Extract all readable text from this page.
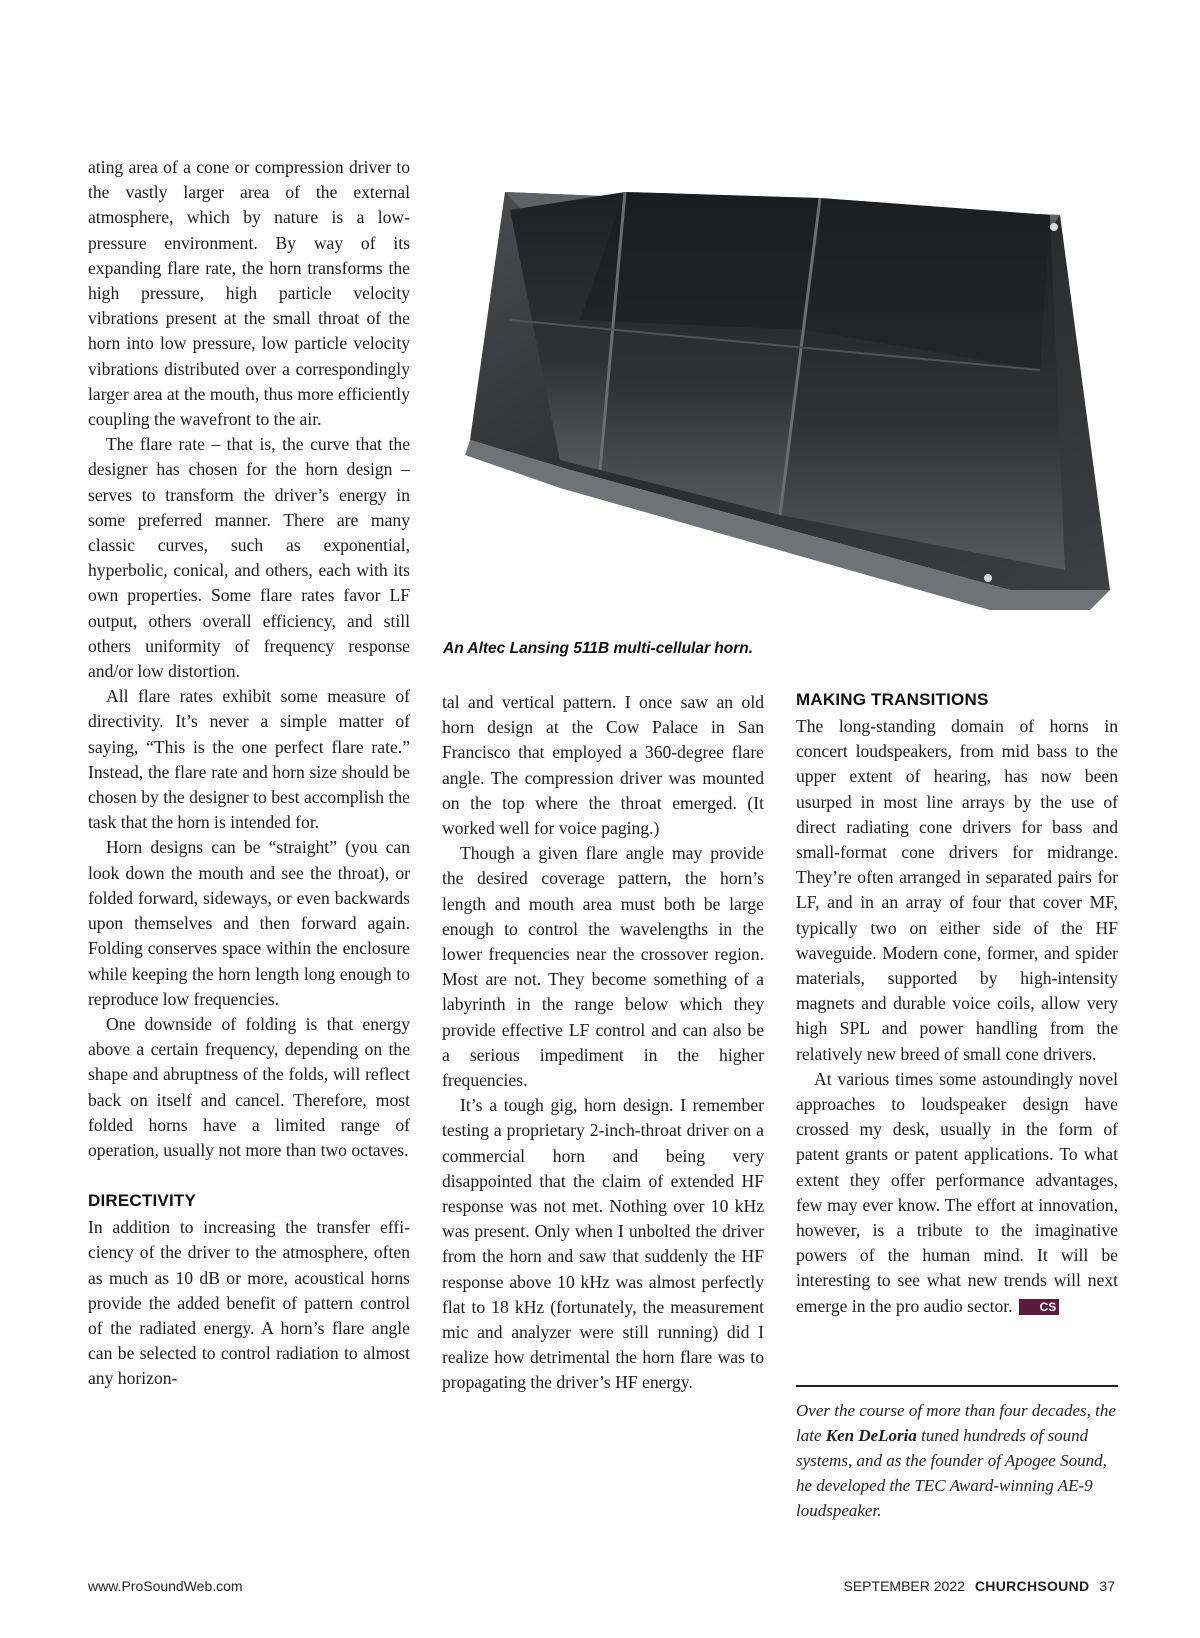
ating area of a cone or compression driver to the vastly larger area of the external atmosphere, which by nature is a low-pressure environment. By way of its expanding flare rate, the horn transforms the high pressure, high particle velocity vibrations present at the small throat of the horn into low pressure, low particle velocity vibrations distributed over a correspondingly larger area at the mouth, thus more efficiently coupling the wavefront to the air.

The flare rate – that is, the curve that the designer has chosen for the horn design – serves to transform the driver’s energy in some preferred manner. There are many classic curves, such as exponential, hyperbolic, conical, and others, each with its own properties. Some flare rates favor LF output, others overall efficiency, and still others uniformity of frequency response and/or low distortion.

All flare rates exhibit some measure of directivity. It’s never a simple matter of saying, “This is the one perfect flare rate.” Instead, the flare rate and horn size should be chosen by the designer to best accomplish the task that the horn is intended for.

Horn designs can be “straight” (you can look down the mouth and see the throat), or folded forward, sideways, or even backwards upon themselves and then forward again. Folding conserves space within the enclosure while keeping the horn length long enough to reproduce low frequencies.

One downside of folding is that energy above a certain frequency, depending on the shape and abruptness of the folds, will reflect back on itself and cancel. Therefore, most folded horns have a limited range of operation, usually not more than two octaves.

DIRECTIVITY

In addition to increasing the transfer efficiency of the driver to the atmosphere, often as much as 10 dB or more, acoustical horns provide the added benefit of pattern control of the radiated energy. A horn’s flare angle can be selected to control radiation to almost any horizon-

An Altec Lansing 511B multi-cellular horn.

tal and vertical pattern. I once saw an old horn design at the Cow Palace in San Francisco that employed a 360-degree flare angle. The compression driver was mounted on the top where the throat emerged. (It worked well for voice paging.)

Though a given flare angle may provide the desired coverage pattern, the horn’s length and mouth area must both be large enough to control the wavelengths in the lower frequencies near the crossover region. Most are not. They become something of a labyrinth in the range below which they provide effective LF control and can also be a serious impediment in the higher frequencies.

It’s a tough gig, horn design. I remember testing a proprietary 2-inch-throat driver on a commercial horn and being very disappointed that the claim of extended HF response was not met. Nothing over 10 kHz was present. Only when I unbolted the driver from the horn and saw that suddenly the HF response above 10 kHz was almost perfectly flat to 18 kHz (fortunately, the measurement mic and analyzer were still running) did I realize how detrimental the horn flare was to propagating the driver’s HF energy.

MAKING TRANSITIONS

The long-standing domain of horns in concert loudspeakers, from mid bass to the upper extent of hearing, has now been usurped in most line arrays by the use of direct radiating cone drivers for bass and small-format cone drivers for midrange. They’re often arranged in separated pairs for LF, and in an array of four that cover MF, typically two on either side of the HF waveguide. Modern cone, former, and spider materials, supported by high-intensity magnets and durable voice coils, allow very high SPL and power handling from the relatively new breed of small cone drivers.

At various times some astoundingly novel approaches to loudspeaker design have crossed my desk, usually in the form of patent grants or patent applications. To what extent they offer performance advantages, few may ever know. The effort at innovation, however, is a tribute to the imaginative powers of the human mind. It will be interesting to see what new trends will next emerge in the pro audio sector. CS

Over the course of more than four decades, the late Ken DeLoria tuned hundreds of sound systems, and as the founder of Apogee Sound, he developed the TEC Award-winning AE-9 loudspeaker.
www.ProSoundWeb.com	SEPTEMBER 2022 CHURCHSOUND 37
